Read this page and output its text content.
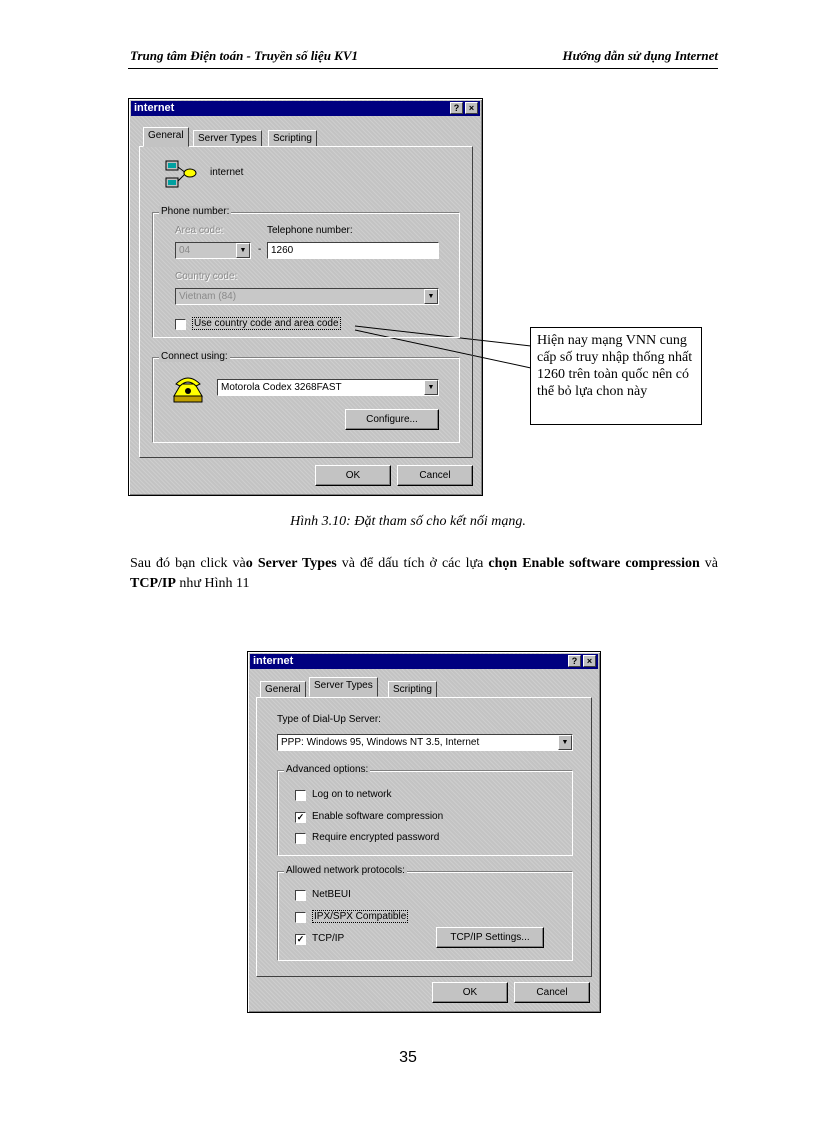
Trung tâm Điện toán - Truyền số liệu KV1	Hướng dẫn sử dụng Internet
internet	?	×
General	Server Types	Scripting
internet
Phone number:
Area code:
04	▼	-
Telephone number:
1260
Country code:
Vietnam (84)	▼
Use country code and area code
Connect using:
Motorola Codex 3268FAST	▼
Configure...
OK	Cancel
Hiện nay mạng VNN cung cấp số truy nhập thống nhất 1260 trên toàn quốc nên có thể bỏ lựa chon này
Hình 3.10: Đặt tham số cho kết nối mạng.
Sau đó bạn click vào Server Types và để dấu tích ở các lựa chọn Enable software compression và TCP/IP như Hình 11
internet	?	×
General	Server Types	Scripting
Type of Dial-Up Server:
PPP: Windows 95, Windows NT 3.5, Internet	▼
Advanced options:
Log on to network
✓ Enable software compression
Require encrypted password
Allowed network protocols:
NetBEUI
IPX/SPX Compatible
✓ TCP/IP	TCP/IP Settings...
OK	Cancel
35
